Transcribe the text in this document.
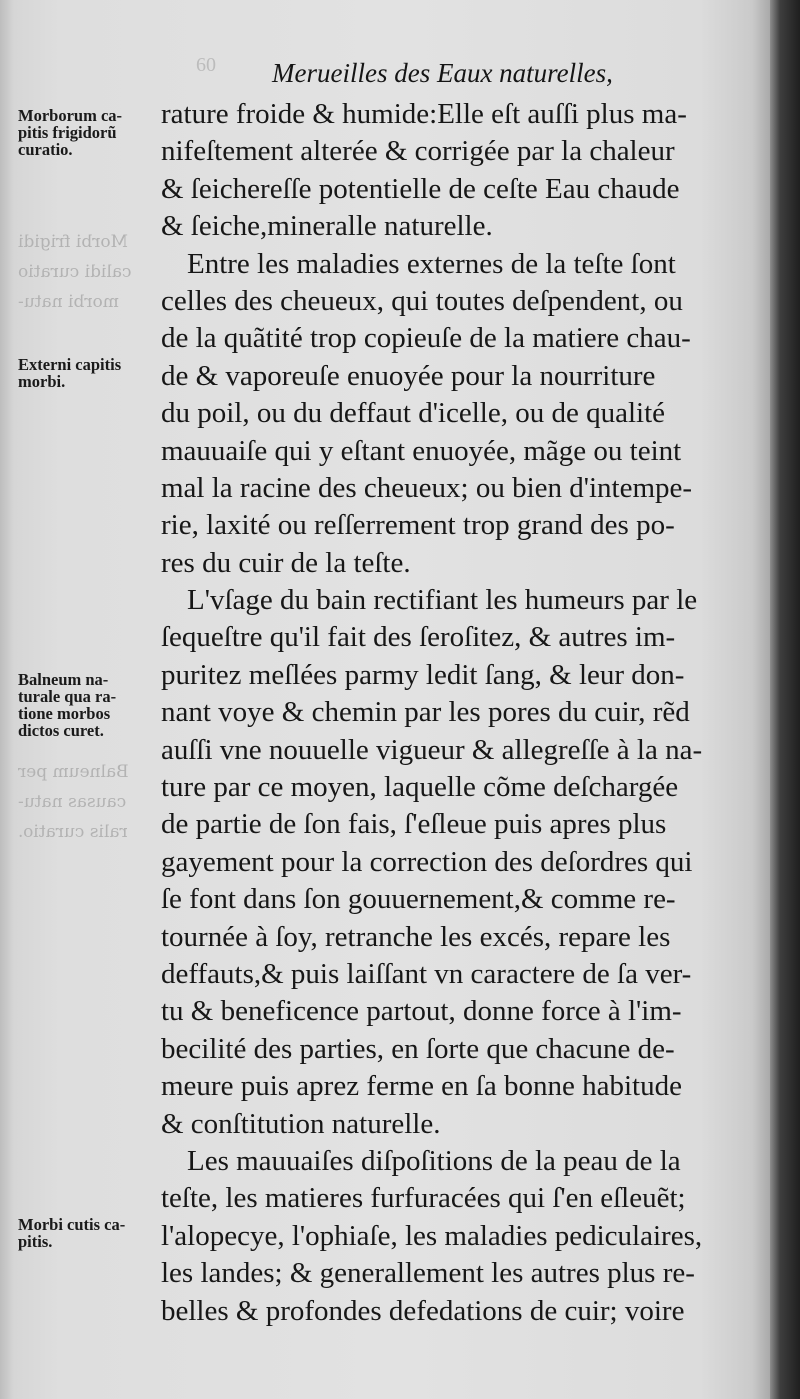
Morbi frigidi
calidi curatio
morbi natu-
Balneum per
causas natu-
ralis curatio.
60 Merueilles des Eaux naturelles,
Morborum ca-
pitis frigidorũ
curatio.
Externi capitis
morbi.
Balneum na-
turale qua ra-
tione morbos
dictos curet.
Morbi cutis ca-
pitis.
rature froide & humide:Elle eſt auſſi plus ma-
nifeſtement alterée & corrigée par la chaleur
& ſeichereſſe potentielle de ceſte Eau chaude
& ſeiche,mineralle naturelle.
Entre les maladies externes de la teſte ſont
celles des cheueux, qui toutes deſpendent, ou
de la quãtité trop copieuſe de la matiere chau-
de & vaporeuſe enuoyée pour la nourriture
du poil, ou du deffaut d'icelle, ou de qualité
mauuaiſe qui y eſtant enuoyée, mãge ou teint
mal la racine des cheueux; ou bien d'intempe-
rie, laxité ou reſſerrement trop grand des po-
res du cuir de la teſte.
L'vſage du bain rectifiant les humeurs par le
ſequeſtre qu'il fait des ſeroſitez, & autres im-
puritez meſlées parmy ledit ſang, & leur don-
nant voye & chemin par les pores du cuir, rẽd
auſſi vne nouuelle vigueur & allegreſſe à la na-
ture par ce moyen, laquelle cõme deſchargée
de partie de ſon fais, ſ'eſleue puis apres plus
gayement pour la correction des deſordres qui
ſe font dans ſon gouuernement,& comme re-
tournée à ſoy, retranche les excés, repare les
deffauts,& puis laiſſant vn caractere de ſa ver-
tu & beneficence partout, donne force à l'im-
becilité des parties, en ſorte que chacune de-
meure puis aprez ferme en ſa bonne habitude
& conſtitution naturelle.
Les mauuaiſes diſpoſitions de la peau de la
teſte, les matieres furfuracées qui ſ'en eſleuẽt;
l'alopecye, l'ophiaſe, les maladies pediculaires,
les landes; & generallement les autres plus re-
belles & profondes defedations de cuir; voire
